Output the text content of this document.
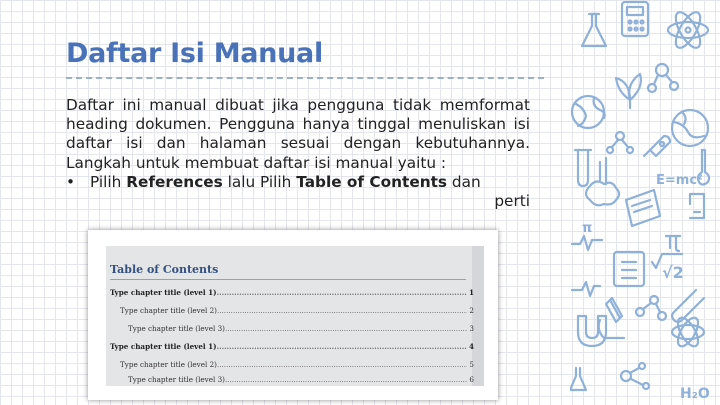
Daftar Isi Manual

Daftar ini manual dibuat jika pengguna tidak memformat heading dokumen. Pengguna hanya tinggal menuliskan isi daftar isi dan halaman sesuai dengan kebutuhannya. Langkah untuk membuat daftar isi manual yaitu :

• Pilih References lalu Pilih Table of Contents dan

perti

Table of Contents
Type chapter title (level 1) .....	1
Type chapter title (level 2) .....	2
Type chapter title (level 3) .....	3
Type chapter title (level 1) .....	4
Type chapter title (level 2) .....	5
Type chapter title (level 3) .....	6
E=mc²
√2
π
H₂O
